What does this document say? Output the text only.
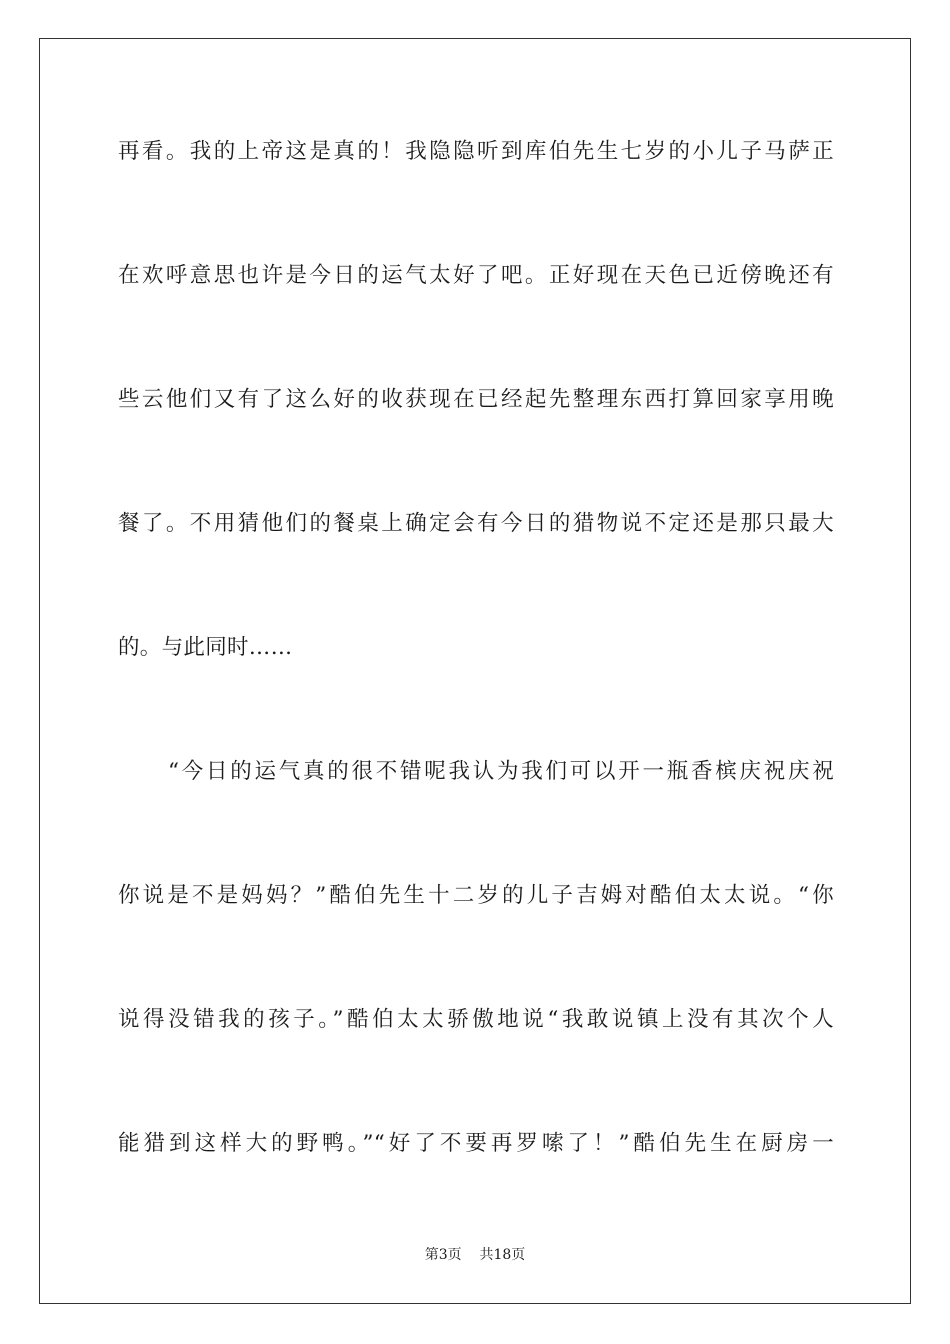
再看。我的上帝这是真的！我隐隐听到库伯先生七岁的小儿子马萨正
在欢呼意思也许是今日的运气太好了吧。正好现在天色已近傍晚还有
些云他们又有了这么好的收获现在已经起先整理东西打算回家享用晚
餐了。不用猜他们的餐桌上确定会有今日的猎物说不定还是那只最大
的。与此同时……
“今日的运气真的很不错呢我认为我们可以开一瓶香槟庆祝庆祝
你说是不是妈妈？”酷伯先生十二岁的儿子吉姆对酷伯太太说。“你
说得没错我的孩子。”酷伯太太骄傲地说“我敢说镇上没有其次个人
能猎到这样大的野鸭。”“好了不要再罗嗦了！”酷伯先生在厨房一
第3页 共18页
